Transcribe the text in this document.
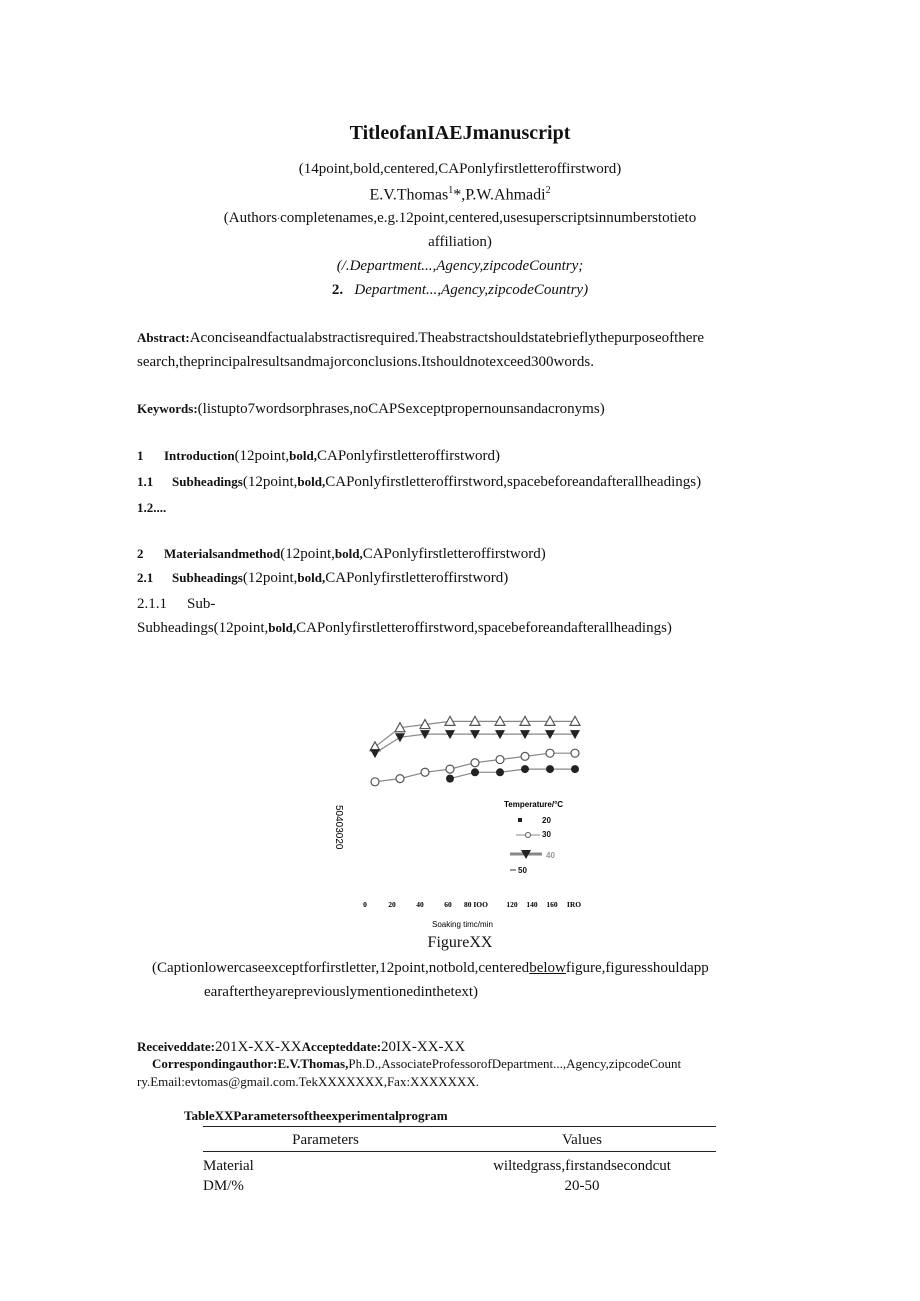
TitleofanIAEJmanuscript
(14point,bold,centered,CAPonlyfirstletteroffirstword)
E.V.Thomas$^1$*,P.W.Ahmadi$^2$
(Authors·completenames,e.g.12point,centered,usesuperscriptsinnumberstotieto
affiliation)
(/.Department...,Agency,zipcodeCountry;
2. Department...,Agency,zipcodeCountry)
Abstract:Aconciseandfactualabstractisrequired.Theabstractshouldstatebrieflythepurposeofthere
search,theprincipalresultsandmajorconclusions.Itshouldnotexceed300words.
Keywords:(listupto7wordsorphrases,noCAPSexceptpropernounsandacronyms)
1 Introduction(12point,bold,CAPonlyfirstletteroffirstword)
1.1 Subheadings(12point,bold,CAPonlyfirstletteroffirstword,spacebeforeandafterallheadings)
1.2....
2 Materialsandmethod(12point,bold,CAPonlyfirstletteroffirstword)
2.1 Subheadings(12point,bold,CAPonlyfirstletteroffirstword)
2.1.1 Sub-
Subheadings(12point,bold,CAPonlyfirstletteroffirstword,spacebeforeandafterallheadings)
50403020
Temperature/°C
20
30
40
50
0	20	40	60 80 IOO 120 140 160 IRO
Soaking timc/min
FigureXX
(Captionlowercaseexceptforfirstletter,12point,notbold,centeredbelowfigure,figuresshouldapp
earaftertheyarepreviouslymentionedinthetext)
Receiveddate:201X-XX-XXAccepteddate:20IX-XX-XX
Correspondingauthor:E.V.Thomas,Ph.D.,AssociateProfessorofDepartment...,Agency,zipcodeCount
ry.Email:evtomas@gmail.com.TekXXXXXXX,Fax:XXXXXXX.
TableXXParametersoftheexperimentalprogram
Parameters	Values
Material	wiltedgrass,firstandsecondcut
DM/%	20-50
